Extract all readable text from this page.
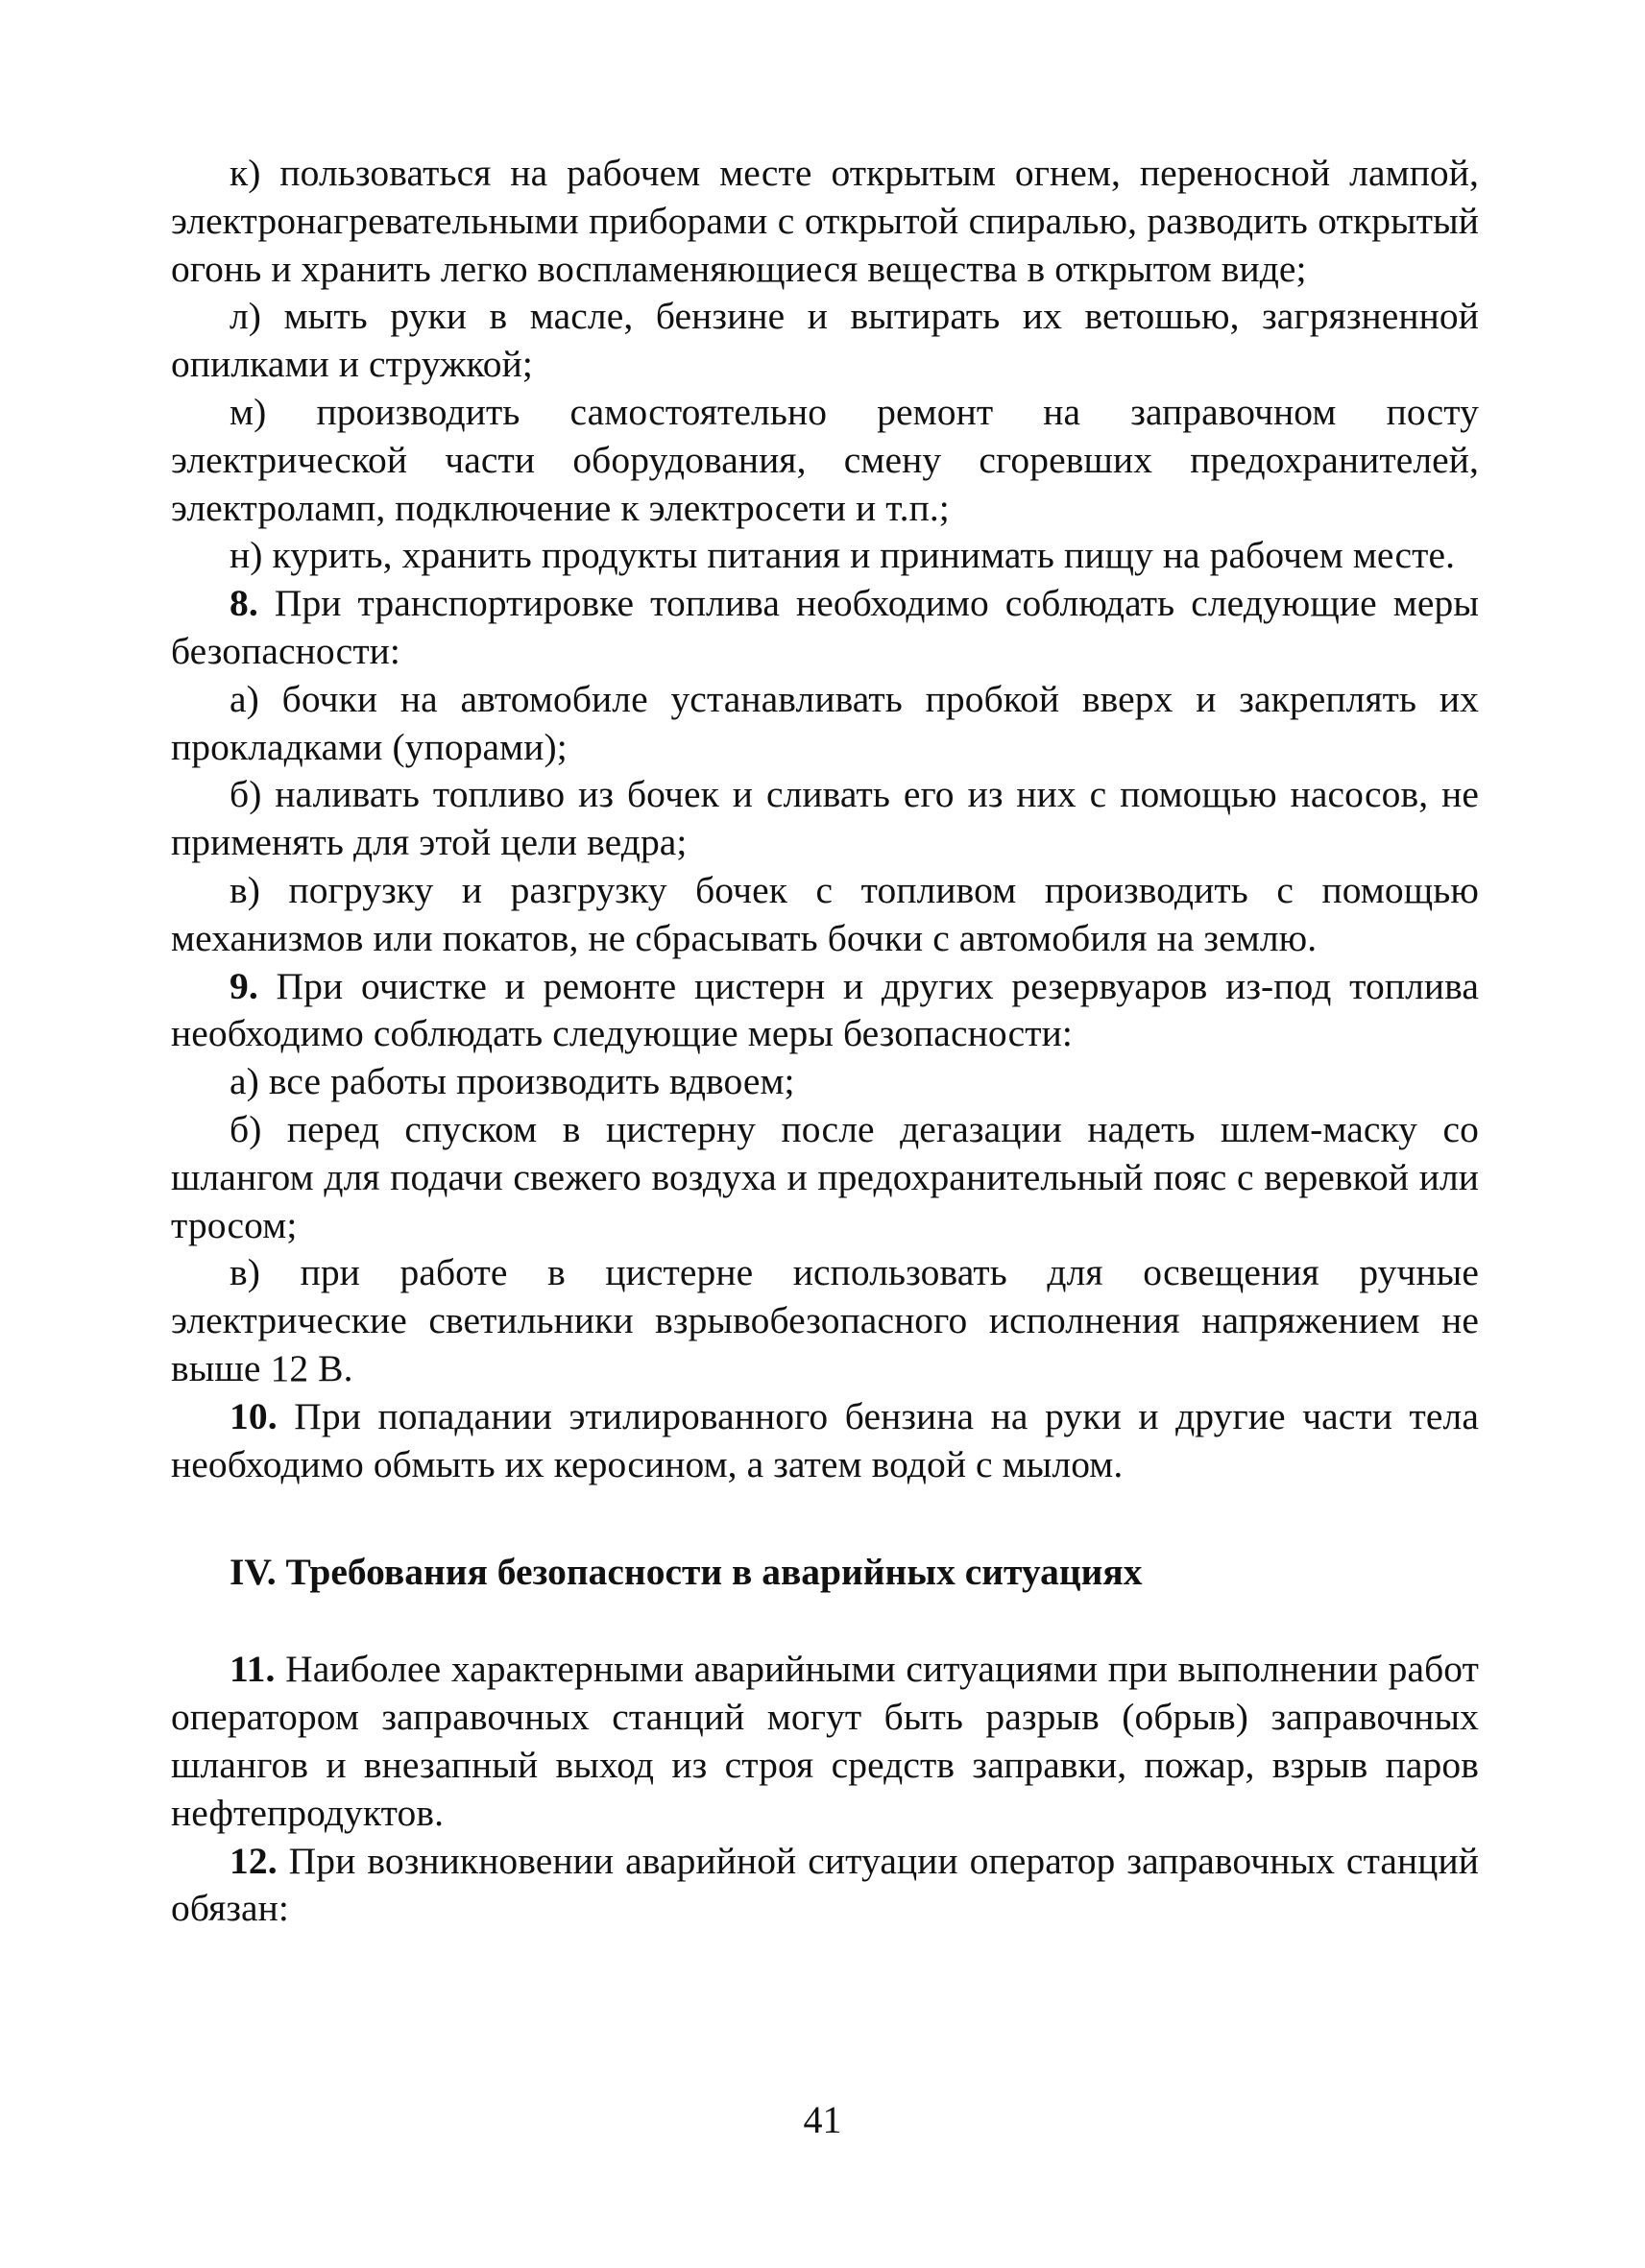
к) пользоваться на рабочем месте открытым огнем, переносной лампой, электронагревательными приборами с открытой спиралью, разводить открытый огонь и хранить легко воспламеняющиеся вещества в открытом виде;

л) мыть руки в масле, бензине и вытирать их ветошью, загрязненной опилками и стружкой;

м) производить самостоятельно ремонт на заправочном посту электрической части оборудования, смену сгоревших предохранителей, электроламп, подключение к электросети и т.п.;

н) курить, хранить продукты питания и принимать пищу на рабочем месте.

8. При транспортировке топлива необходимо соблюдать следующие меры безопасности:

а) бочки на автомобиле устанавливать пробкой вверх и закреплять их прокладками (упорами);

б) наливать топливо из бочек и сливать его из них с помощью насосов, не применять для этой цели ведра;

в) погрузку и разгрузку бочек с топливом производить с помощью механизмов или покатов, не сбрасывать бочки с автомобиля на землю.

9. При очистке и ремонте цистерн и других резервуаров из-под топлива необходимо соблюдать следующие меры безопасности:

а) все работы производить вдвоем;

б) перед спуском в цистерну после дегазации надеть шлем-маску со шлангом для подачи свежего воздуха и предохранительный пояс с веревкой или тросом;

в) при работе в цистерне использовать для освещения ручные электрические светильники взрывобезопасного исполнения напряжением не выше 12 В.

10. При попадании этилированного бензина на руки и другие части тела необходимо обмыть их керосином, а затем водой с мылом.

IV. Требования безопасности в аварийных ситуациях

11. Наиболее характерными аварийными ситуациями при выполнении работ оператором заправочных станций могут быть разрыв (обрыв) заправочных шлангов и внезапный выход из строя средств заправки, пожар, взрыв паров нефтепродуктов.

12. При возникновении аварийной ситуации оператор заправочных станций обязан:

41
